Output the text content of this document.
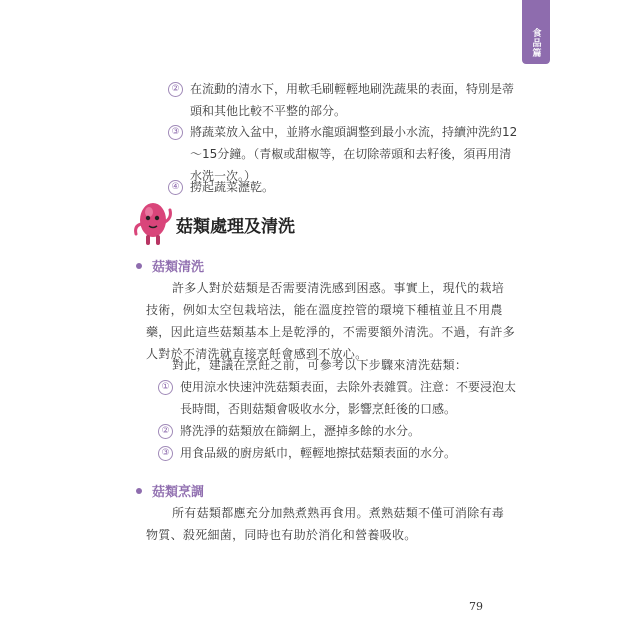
食品篇
② 在流動的清水下，用軟毛刷輕輕地刷洗蔬果的表面，特別是蒂頭和其他比較不平整的部分。
③ 將蔬菜放入盆中，並將水龍頭調整到最小水流，持續沖洗約12～15分鐘。（青椒或甜椒等，在切除蒂頭和去籽後，須再用清水洗一次。）
④ 撈起蔬菜瀝乾。
菇類處理及清洗
菇類清洗
許多人對於菇類是否需要清洗感到困惑。事實上，現代的栽培技術，例如太空包栽培法，能在溫度控管的環境下種植並且不用農藥，因此這些菇類基本上是乾淨的，不需要額外清洗。不過，有許多人對於不清洗就直接烹飪會感到不放心。
對此，建議在烹飪之前，可參考以下步驟來清洗菇類：
① 使用涼水快速沖洗菇類表面，去除外表雜質。注意：不要浸泡太長時間，否則菇類會吸收水分，影響烹飪後的口感。
② 將洗淨的菇類放在篩網上，瀝掉多餘的水分。
③ 用食品級的廚房紙巾，輕輕地擦拭菇類表面的水分。
菇類烹調
所有菇類都應充分加熱煮熟再食用。煮熟菇類不僅可消除有毒物質、殺死細菌，同時也有助於消化和營養吸收。
79
